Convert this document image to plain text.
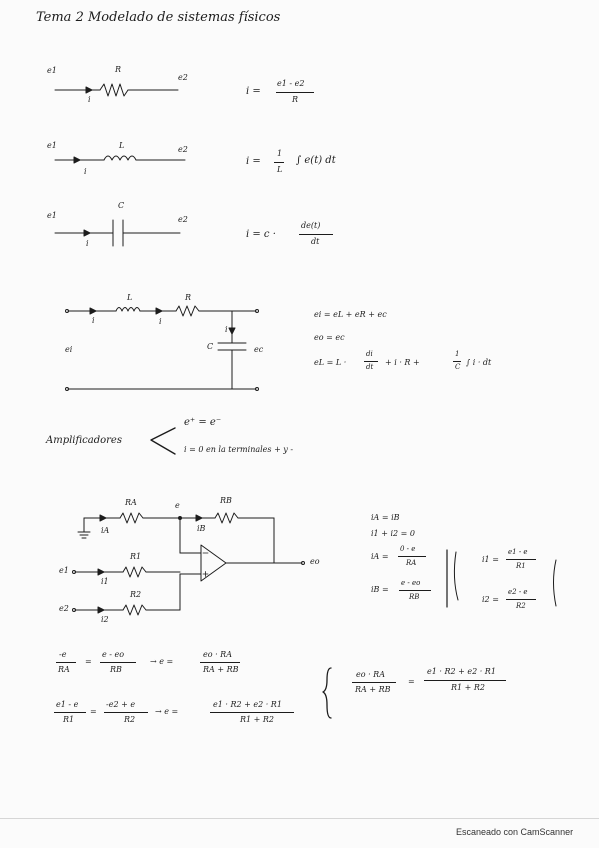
Tema 2 Modelado de sistemas físicos
e1	R
e2
i
i =
e1 - e2
R
e1	L	e2
i
i =
1
L
∫ e(t) dt
e1
C
e2
i
i = c ·
de(t)
dt
L	R
C
i	i
i
ei	ec
ei = eL + eR + ec
eo = ec
eL = L ·
di
dt + i · R +
1
C ∫ i · dt
Amplificadores
e⁺ = e⁻
i = 0 en la terminales + y -
RA	RB
R1
R2
iA	iB
i1
i2
e
e1
e2
eo
iA = iB
i1 + i2 = 0
iA =
0 - e
RA
iB =
e - eo
RB
i1 =
e1 - e
R1
i2 =
e2 - e
R2
-e
RA
=
e - eo
RB
→ e =
eo · RA
RA + RB
e1 - e
R1
=
-e2 + e
R2
→ e =
e1 · R2 + e2 · R1
R1 + R2
eo · RA
RA + RB
=
e1 · R2 + e2 · R1
R1 + R2
Escaneado con CamScanner
